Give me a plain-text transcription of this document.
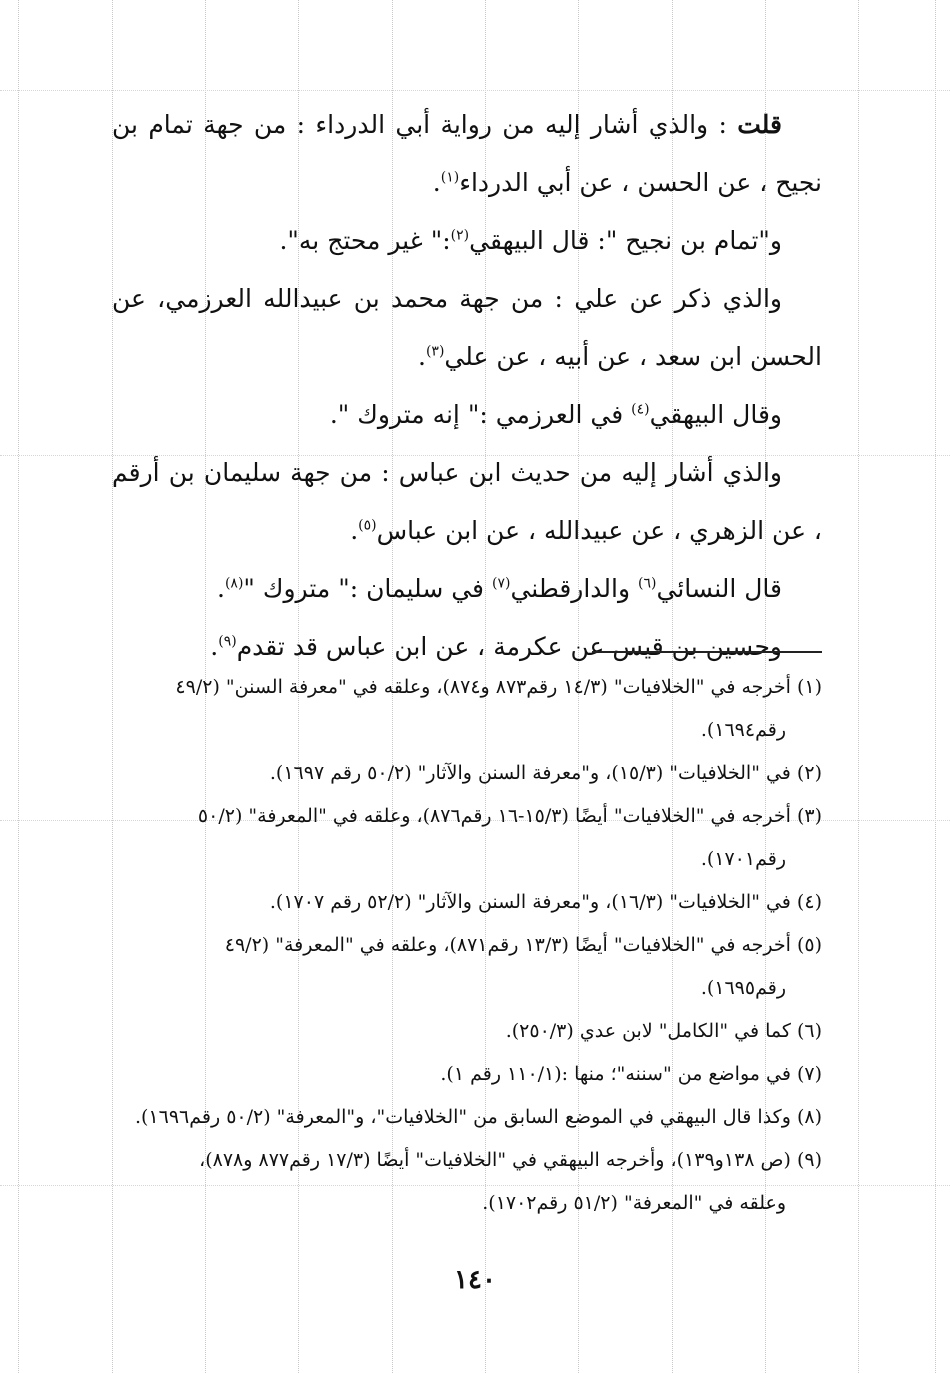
قلت : والذي أشار إليه من رواية أبي الدرداء : من جهة تمام بن نجيح ، عن الحسن ، عن أبي الدرداء$^{(١)}$.

و"تمام بن نجيح ": قال البيهقي$^{(٢)}$:" غير محتج به".

والذي ذكر عن علي : من جهة محمد بن عبيدالله العرزمي، عن الحسن ابن سعد ، عن أبيه ، عن علي$^{(٣)}$.

وقال البيهقي$^{(٤)}$ في العرزمي :" إنه متروك ".

والذي أشار إليه من حديث ابن عباس : من جهة سليمان بن أرقم ، عن الزهري ، عن عبيدالله ، عن ابن عباس$^{(٥)}$.

قال النسائي$^{(٦)}$ والدارقطني$^{(٧)}$ في سليمان :" متروك "$^{(٨)}$.

وحسين بن قيس عن عكرمة ، عن ابن عباس قد تقدم$^{(٩)}$.

(١) أخرجه في "الخلافيات" (١٤/٣ رقم٨٧٣ و٨٧٤)، وعلقه في "معرفة السنن" (٤٩/٢
رقم١٦٩٤).

(٢) في "الخلافيات" (١٥/٣)، و"معرفة السنن والآثار" (٥٠/٢ رقم ١٦٩٧).

(٣) أخرجه في "الخلافيات" أيضًا (١٥/٣-١٦ رقم٨٧٦)، وعلقه في "المعرفة" (٥٠/٢
رقم١٧٠١).

(٤) في "الخلافيات" (١٦/٣)، و"معرفة السنن والآثار" (٥٢/٢ رقم ١٧٠٧).

(٥) أخرجه في "الخلافيات" أيضًا (١٣/٣ رقم٨٧١)، وعلقه في "المعرفة" (٤٩/٢
رقم١٦٩٥).

(٦) كما في "الكامل" لابن عدي (٢٥٠/٣).

(٧) في مواضع من "سننه"؛ منها :(١١٠/١ رقم ١).

(٨) وكذا قال البيهقي في الموضع السابق من "الخلافيات"، و"المعرفة" (٥٠/٢ رقم١٦٩٦).

(٩) (ص ١٣٨و١٣٩)، وأخرجه البيهقي في "الخلافيات" أيضًا (١٧/٣ رقم٨٧٧ و٨٧٨)،
وعلقه في "المعرفة" (٥١/٢ رقم١٧٠٢).

١٤٠
